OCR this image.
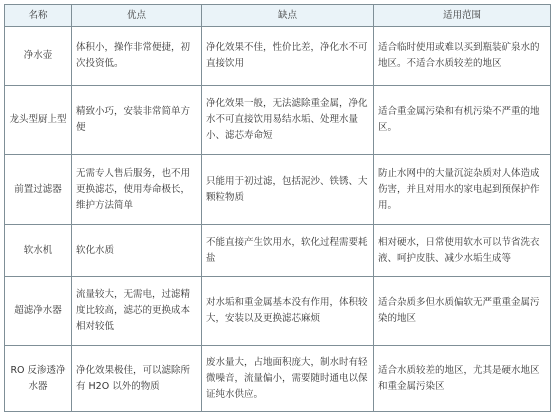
名称	优点	缺点	适用范围
净水壶	体积小，操作非常便捷，初次投资低。	净化效果不佳，性价比差，净化水不可直接饮用	适合临时使用或难以买到瓶装矿泉水的地区。不适合水质较差的地区
龙头型厨上型	精致小巧，安装非常简单方便	净化效果一般，无法滤除重金属，净化水不可直接饮用易结水垢、处理水量小、滤芯寿命短	适合重金属污染和有机污染不严重的地区。
前置过滤器	无需专人售后服务，也不用更换滤芯，使用寿命极长，维护方法简单	只能用于初过滤，包括泥沙、铁锈、大颗粒物质	防止水网中的大量沉淀杂质对人体造成伤害，并且对用水的家电起到预保护作用。
软水机	软化水质	不能直接产生饮用水，软化过程需要耗盐	相对硬水，日常使用软水可以节省洗衣液、呵护皮肤、减少水垢生成等
超滤净水器	流量较大，无需电，过滤精度比较高，滤芯的更换成本相对较低	对水垢和重金属基本没有作用，体积较大，安装以及更换滤芯麻烦	适合杂质多但水质偏软无严重重金属污染的地区
RO 反渗透净水器	净化效果极佳，可以滤除所有 H2O 以外的物质	废水量大，占地面积庞大，制水时有轻微噪音，流量偏小，需要随时通电以保证纯水供应。	适合水质较差的地区，尤其是硬水地区和重金属污染区
